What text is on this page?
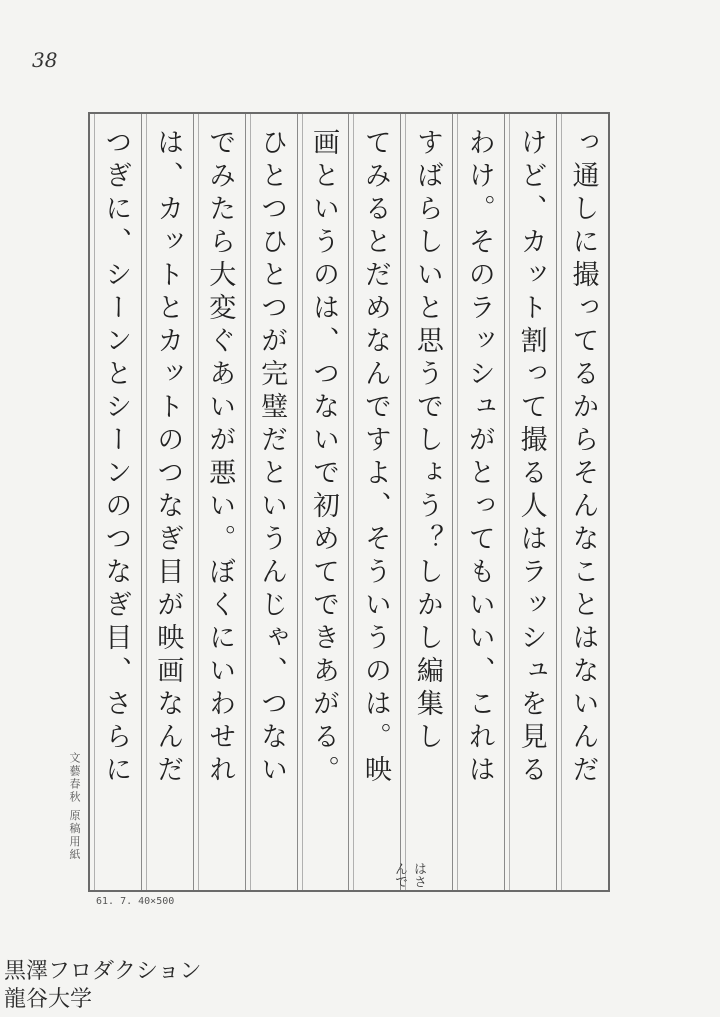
38
っ通しに撮ってるからそんなことはないんだ
けど、カット割って撮る人はラッシュを見る
わけ。そのラッシュがとってもいい、これは
すばらしいと思うでしょう？しかし編集し
てみるとだめなんですよ、そういうのは。映
画というのは、つないで初めてできあがる。
ひとつひとつが完璧だというんじゃ、つない
でみたら大変ぐあいが悪い。ぼくにいわせれ
は、カットとカットのつなぎ目が映画なんだ
つぎに、シーンとシーンのつなぎ目、さらに
はさんで
文藝春秋 原稿用紙
61. 7. 40×500
黒澤フロダクション
龍谷大学
